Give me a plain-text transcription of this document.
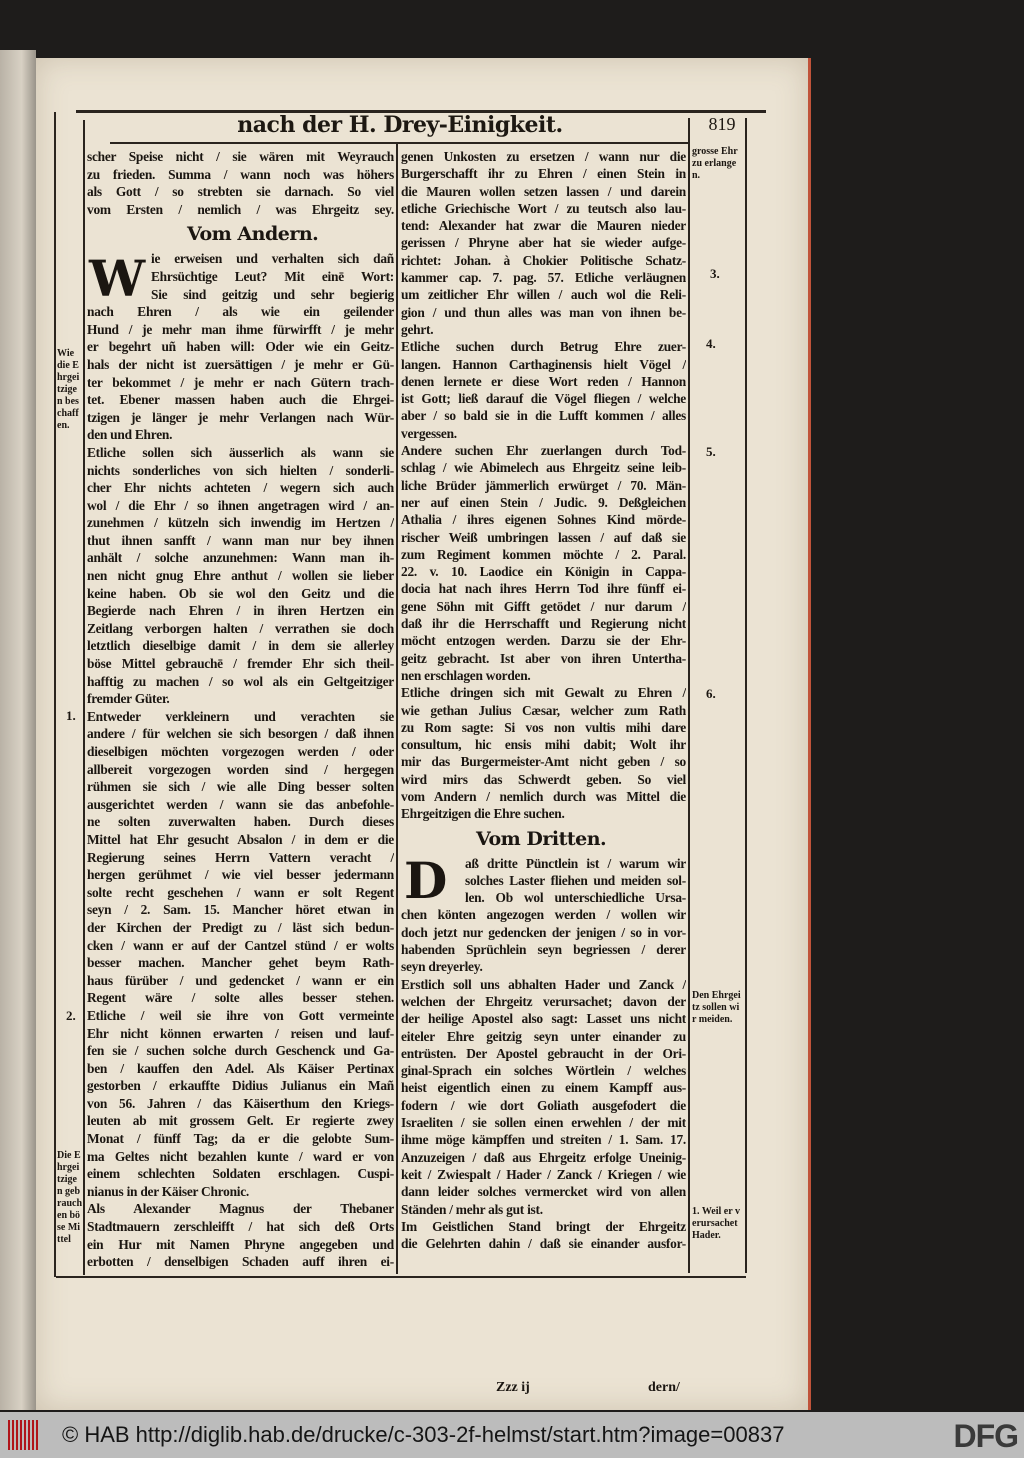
nach der H. Drey-Einigkeit.	819
scher Speise nicht / sie wären mit Weyrauch
zu frieden. Summa / wann noch was höhers
als Gott / so strebten sie darnach. So viel
vom Ersten / nemlich / was Ehrgeitz sey.
Vom Andern.
ie erweisen und verhalten sich dañ
Ehrsüchtige Leut? Mit einē Wort:
Sie sind geitzig und sehr begierig
nach Ehren / als wie ein geilender
Hund / je mehr man ihme fürwirfft / je mehr
er begehrt uñ haben will: Oder wie ein Geitz-
hals der nicht ist zuersättigen / je mehr er Gü-
ter bekommet / je mehr er nach Gütern trach-
tet. Ebener massen haben auch die Ehrgei-
tzigen je länger je mehr Verlangen nach Wür-
den und Ehren.
Etliche sollen sich äusserlich als wann sie
nichts sonderliches von sich hielten / sonderli-
cher Ehr nichts achteten / wegern sich auch
wol / die Ehr / so ihnen angetragen wird / an-
zunehmen / kützeln sich inwendig im Hertzen /
thut ihnen sanfft / wann man nur bey ihnen
anhält / solche anzunehmen: Wann man ih-
nen nicht gnug Ehre anthut / wollen sie lieber
keine haben. Ob sie wol den Geitz und die
Begierde nach Ehren / in ihren Hertzen ein
Zeitlang verborgen halten / verrathen sie doch
letztlich dieselbige damit / in dem sie allerley
böse Mittel gebrauchē / fremder Ehr sich theil-
hafftig zu machen / so wol als ein Geltgeitziger
fremder Güter.
Entweder verkleinern und verachten sie
andere / für welchen sie sich besorgen / daß ihnen
dieselbigen möchten vorgezogen werden / oder
allbereit vorgezogen worden sind / hergegen
rühmen sie sich / wie alle Ding besser solten
ausgerichtet werden / wann sie das anbefohle-
ne solten zuverwalten haben. Durch dieses
Mittel hat Ehr gesucht Absalon / in dem er die
Regierung seines Herrn Vattern veracht /
hergen gerühmet / wie viel besser jedermann
solte recht geschehen / wann er solt Regent
seyn / 2. Sam. 15. Mancher höret etwan in
der Kirchen der Predigt zu / läst sich bedun-
cken / wann er auf der Cantzel stünd / er wolts
besser machen. Mancher gehet beym Rath-
haus fürüber / und gedencket / wann er ein
Regent wäre / solte alles besser stehen.
Etliche / weil sie ihre von Gott vermeinte
Ehr nicht können erwarten / reisen und lauf-
fen sie / suchen solche durch Geschenck und Ga-
ben / kauffen den Adel. Als Käiser Pertinax
gestorben / erkauffte Didius Julianus ein Mañ
von 56. Jahren / das Käiserthum den Kriegs-
leuten ab mit grossem Gelt. Er regierte zwey
Monat / fünff Tag; da er die gelobte Sum-
ma Geltes nicht bezahlen kunte / ward er von
einem schlechten Soldaten erschlagen. Cuspi-
nianus in der Käiser Chronic.
Als Alexander Magnus der Thebaner
Stadtmauern zerschleifft / hat sich deß Orts
ein Hur mit Namen Phryne angegeben und
erbotten / denselbigen Schaden auff ihren ei-
genen Unkosten zu ersetzen / wann nur die
Burgerschafft ihr zu Ehren / einen Stein in
die Mauren wollen setzen lassen / und darein
etliche Griechische Wort / zu teutsch also lau-
tend: Alexander hat zwar die Mauren nieder
gerissen / Phryne aber hat sie wieder aufge-
richtet: Johan. à Chokier Politische Schatz-
kammer cap. 7. pag. 57. Etliche verläugnen
um zeitlicher Ehr willen / auch wol die Reli-
gion / und thun alles was man von ihnen be-
gehrt.
Etliche suchen durch Betrug Ehre zuer-
langen. Hannon Carthaginensis hielt Vögel /
denen lernete er diese Wort reden / Hannon
ist Gott; ließ darauf die Vögel fliegen / welche
aber / so bald sie in die Lufft kommen / alles
vergessen.
Andere suchen Ehr zuerlangen durch Tod-
schlag / wie Abimelech aus Ehrgeitz seine leib-
liche Brüder jämmerlich erwürget / 70. Män-
ner auf einen Stein / Judic. 9. Deßgleichen
Athalia / ihres eigenen Sohnes Kind mörde-
rischer Weiß umbringen lassen / auf daß sie
zum Regiment kommen möchte / 2. Paral.
22. v. 10. Laodice ein Königin in Cappa-
docia hat nach ihres Herrn Tod ihre fünff ei-
gene Söhn mit Gifft getödet / nur darum /
daß ihr die Herrschafft und Regierung nicht
möcht entzogen werden. Darzu sie der Ehr-
geitz gebracht. Ist aber von ihren Untertha-
nen erschlagen worden.
Etliche dringen sich mit Gewalt zu Ehren /
wie gethan Julius Cæsar, welcher zum Rath
zu Rom sagte: Si vos non vultis mihi dare
consultum, hic ensis mihi dabit; Wolt ihr
mir das Burgermeister-Amt nicht geben / so
wird mirs das Schwerdt geben. So viel
vom Andern / nemlich durch was Mittel die
Ehrgeitzigen die Ehre suchen.
Vom Dritten.
aß dritte Pünctlein ist / warum wir
solches Laster fliehen und meiden sol-
len. Ob wol unterschiedliche Ursa-
chen könten angezogen werden / wollen wir
doch jetzt nur gedencken der jenigen / so in vor-
habenden Sprüchlein seyn begriessen / derer
seyn dreyerley.
Erstlich soll uns abhalten Hader und Zanck /
welchen der Ehrgeitz verursachet; davon der
der heilige Apostel also sagt: Lasset uns nicht
eiteler Ehre geitzig seyn unter einander zu
entrüsten. Der Apostel gebraucht in der Ori-
ginal-Sprach ein solches Wörtlein / welches
heist eigentlich einen zu einem Kampff aus-
fodern / wie dort Goliath ausgefodert die
Israeliten / sie sollen einen erwehlen / der mit
ihme möge kämpffen und streiten / 1. Sam. 17.
Anzuzeigen / daß aus Ehrgeitz erfolge Uneinig-
keit / Zwiespalt / Hader / Zanck / Kriegen / wie
dann leider solches vermercket wird von allen
Ständen / mehr als gut ist.
Im Geistlichen Stand bringt der Ehrgeitz
die Gelehrten dahin / daß sie einander ausfor-
W
D
Wie die Ehrgeitzigen beschaffen.
1.
2.
Die Ehrgeitzigen gebrauchen böse Mittel
grosse Ehr zu erlangen.
3.
4.
5.
6.
Den Ehrgeitz sollen wir meiden.
1. Weil er verursachet Hader.
Zzz ij	dern/
© HAB http://diglib.hab.de/drucke/c-303-2f-helmst/start.htm?image=00837	DFG
